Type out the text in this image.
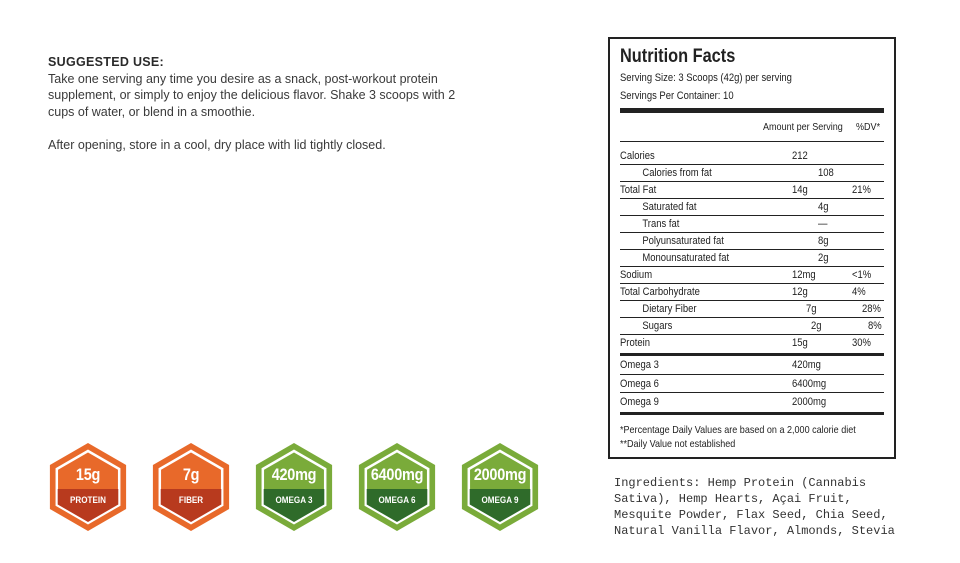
SUGGESTED USE:

Take one serving any time you desire as a snack, post-workout protein supplement, or simply to enjoy the delicious flavor. Shake 3 scoops with 2 cups of water, or blend in a smoothie.

After opening, store in a cool, dry place with lid tightly closed.

15g
PROTEIN
7g
FIBER
420mg
OMEGA 3
6400mg
OMEGA 6
2000mg
OMEGA 9
Nutrition Facts
Serving Size: 3 Scoops (42g) per serving
Servings Per Container: 10
Amount per Serving %DV*
Calories	212
Calories from fat	108
Total Fat	14g	21%
Saturated fat	4g
Trans fat	—
Polyunsaturated fat	8g
Monounsaturated fat	2g
Sodium	12mg	<1%
Total Carbohydrate	12g	4%
Dietary Fiber	7g	28%
Sugars	2g	8%
Protein	15g	30%
Omega 3	420mg
Omega 6	6400mg
Omega 9	2000mg
*Percentage Daily Values are based on a 2,000 calorie diet
**Daily Value not established
Ingredients: Hemp Protein (Cannabis Sativa), Hemp Hearts, Açai Fruit, Mesquite Powder, Flax Seed, Chia Seed, Natural Vanilla Flavor, Almonds, Stevia
